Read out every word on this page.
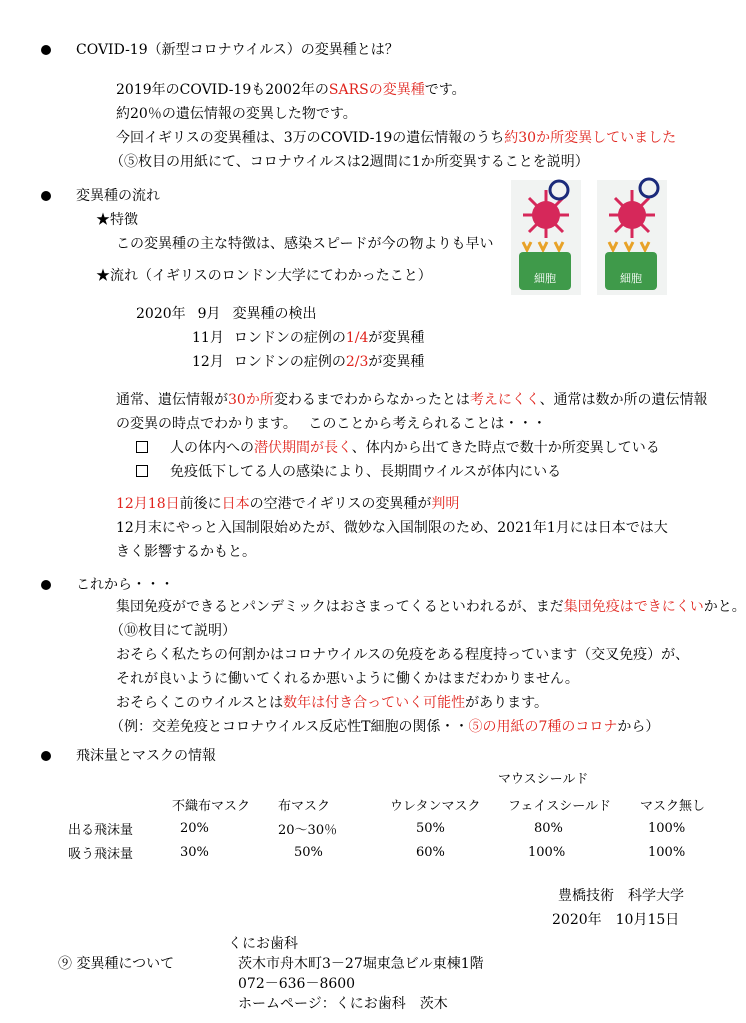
COVID-19（新型コロナウイルス）の変異種とは？
2019年のCOVID-19も2002年のSARSの変異種です。
約20％の遺伝情報の変異した物です。
今回イギリスの変異種は、3万のCOVID-19の遺伝情報のうち約30か所変異していました
（⑤枚目の用紙にて、コロナウイルスは2週間に1か所変異することを説明）
変異種の流れ
★特徴
この変異種の主な特徴は、感染スピードが今の物よりも早い
★流れ（イギリスのロンドン大学にてわかったこと）
2020年 9月 変異種の検出
11月 ロンドンの症例の1/4が変異種
12月 ロンドンの症例の2/3が変異種
通常、遺伝情報が30か所変わるまでわからなかったとは考えにくく、通常は数か所の遺伝情報
の変異の時点でわかります。　 このことから考えられることは・・・
人の体内への潜伏期間が長く、体内から出てきた時点で数十か所変異している
免疫低下してる人の感染により、長期間ウイルスが体内にいる
12月18日前後に日本の空港でイギリスの変異種が判明
12月末にやっと入国制限始めたが、微妙な入国制限のため、2021年1月には日本では大
きく影響するかもと。
細胞	細胞
これから・・・
集団免疫ができるとパンデミックはおさまってくるといわれるが、まだ集団免疫はできにくいかと。
（⑩枚目にて説明）
おそらく私たちの何割かはコロナウイルスの免疫をある程度持っています（交叉免疫）が、
それが良いように働いてくれるか悪いように働くかはまだわかりません。
おそらくこのウイルスとは数年は付き合っていく可能性があります。
（例：交差免疫とコロナウイルス反応性T細胞の関係・・⑤の用紙の7種のコロナから）
飛沫量とマスクの情報
マウスシールド
	不織布マスク	布マスク	ウレタンマスク	フェイスシールド	マスク無し
出る飛沫量	20%	20～30％	50%	80%	100%
吸う飛沫量	30%	50%	60%	100%	100%
豊橋技術　科学大学
2020年　10月15日
くにお歯科
⑨ 変異種について	茨木市舟木町3－27堀東急ビル東棟1階
072－636－8600
ホームページ：くにお歯科　茨木
